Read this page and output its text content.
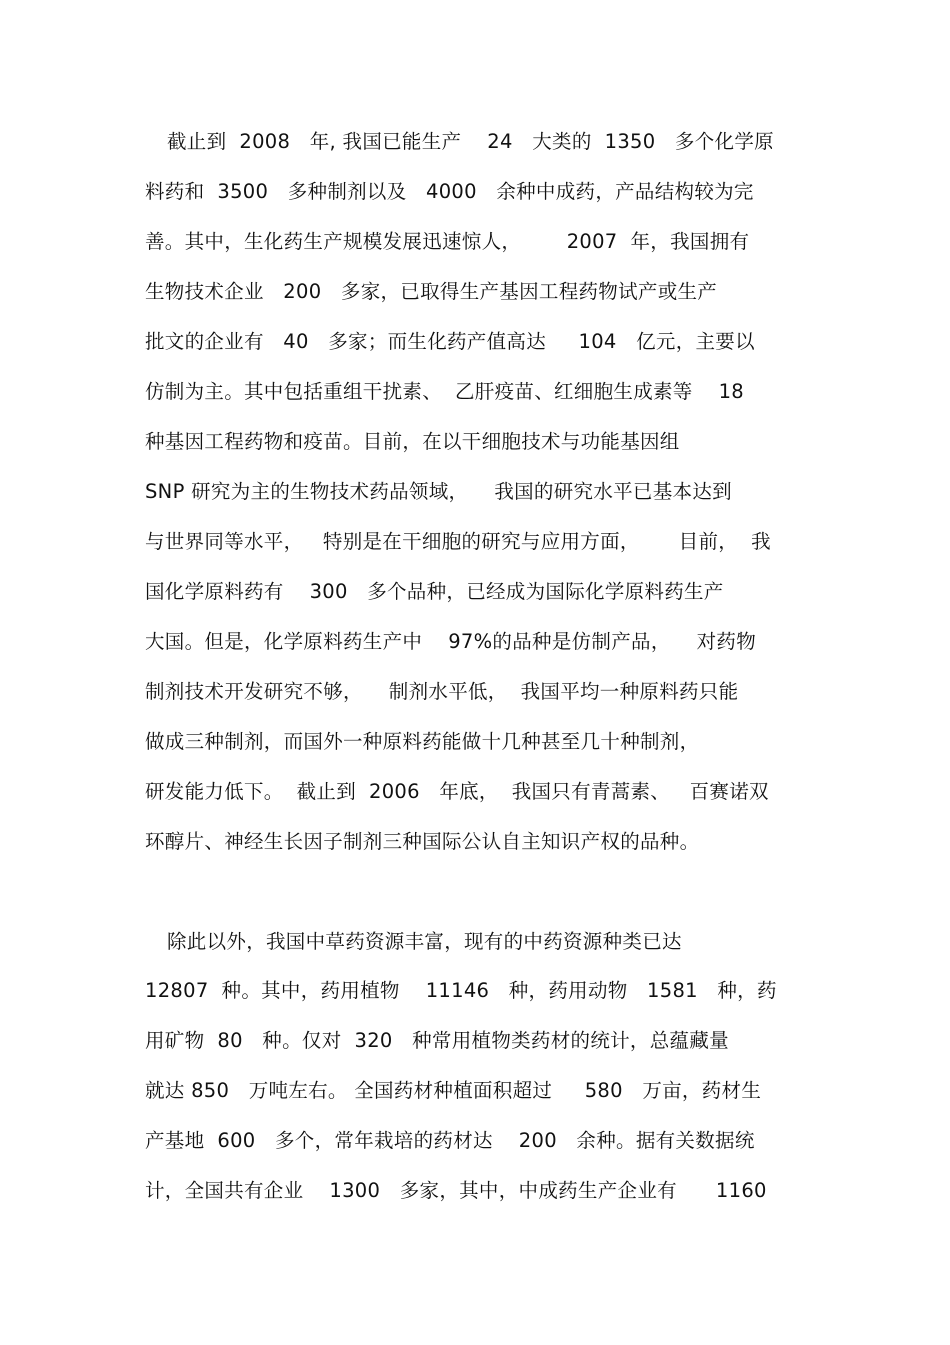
截止到  2008   年, 我国已能生产    24   大类的  1350   多个化学原
料药和  3500   多种制剂以及   4000   余种中成药，产品结构较为完
善。其中，生化药生产规模发展迅速惊人，       2007  年，我国拥有
生物技术企业   200   多家，已取得生产基因工程药物试产或生产
批文的企业有   40   多家；而生化药产值高达     104   亿元，主要以
仿制为主。其中包括重组干扰素、  乙肝疫苗、红细胞生成素等    18
种基因工程药物和疫苗。目前，在以干细胞技术与功能基因组
SNP 研究为主的生物技术药品领域，    我国的研究水平已基本达到
与世界同等水平，   特别是在干细胞的研究与应用方面，      目前，  我
国化学原料药有    300   多个品种，已经成为国际化学原料药生产
大国。但是，化学原料药生产中    97%的品种是仿制产品，    对药物
制剂技术开发研究不够，    制剂水平低，  我国平均一种原料药只能
做成三种制剂，而国外一种原料药能做十几种甚至几十种制剂，
研发能力低下。  截止到  2006   年底，  我国只有青蒿素、   百赛诺双
环醇片、神经生长因子制剂三种国际公认自主知识产权的品种。
除此以外，我国中草药资源丰富，现有的中药资源种类已达
12807  种。其中，药用植物    11146   种，药用动物   1581   种，药
用矿物  80   种。仅对  320   种常用植物类药材的统计，总蕴藏量
就达 850   万吨左右。 全国药材种植面积超过     580   万亩，药材生
产基地  600   多个，常年栽培的药材达    200   余种。据有关数据统
计，全国共有企业    1300   多家，其中，中成药生产企业有      1160
